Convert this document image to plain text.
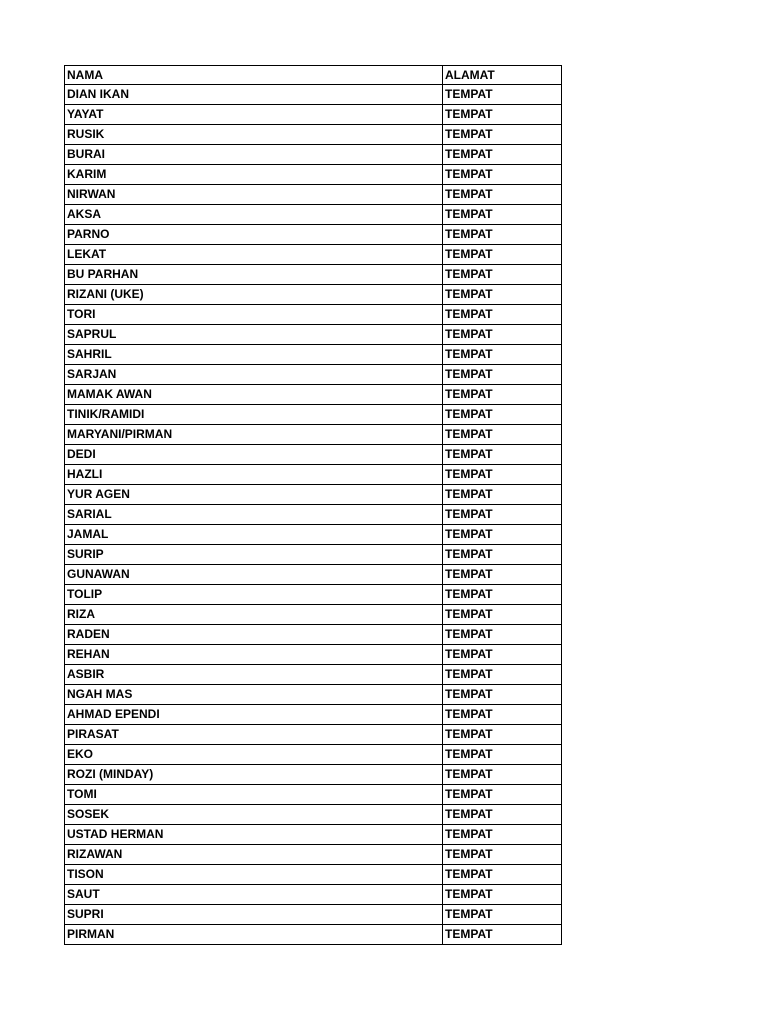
NAMA	ALAMAT
DIAN IKAN	TEMPAT
YAYAT	TEMPAT
RUSIK	TEMPAT
BURAI	TEMPAT
KARIM	TEMPAT
NIRWAN	TEMPAT
AKSA	TEMPAT
PARNO	TEMPAT
LEKAT	TEMPAT
BU PARHAN	TEMPAT
RIZANI (UKE)	TEMPAT
TORI	TEMPAT
SAPRUL	TEMPAT
SAHRIL	TEMPAT
SARJAN	TEMPAT
MAMAK AWAN	TEMPAT
TINIK/RAMIDI	TEMPAT
MARYANI/PIRMAN	TEMPAT
DEDI	TEMPAT
HAZLI	TEMPAT
YUR AGEN	TEMPAT
SARIAL	TEMPAT
JAMAL	TEMPAT
SURIP	TEMPAT
GUNAWAN	TEMPAT
TOLIP	TEMPAT
RIZA	TEMPAT
RADEN	TEMPAT
REHAN	TEMPAT
ASBIR	TEMPAT
NGAH MAS	TEMPAT
AHMAD EPENDI	TEMPAT
PIRASAT	TEMPAT
EKO	TEMPAT
ROZI (MINDAY)	TEMPAT
TOMI	TEMPAT
SOSEK	TEMPAT
USTAD HERMAN	TEMPAT
RIZAWAN	TEMPAT
TISON	TEMPAT
SAUT	TEMPAT
SUPRI	TEMPAT
PIRMAN	TEMPAT
